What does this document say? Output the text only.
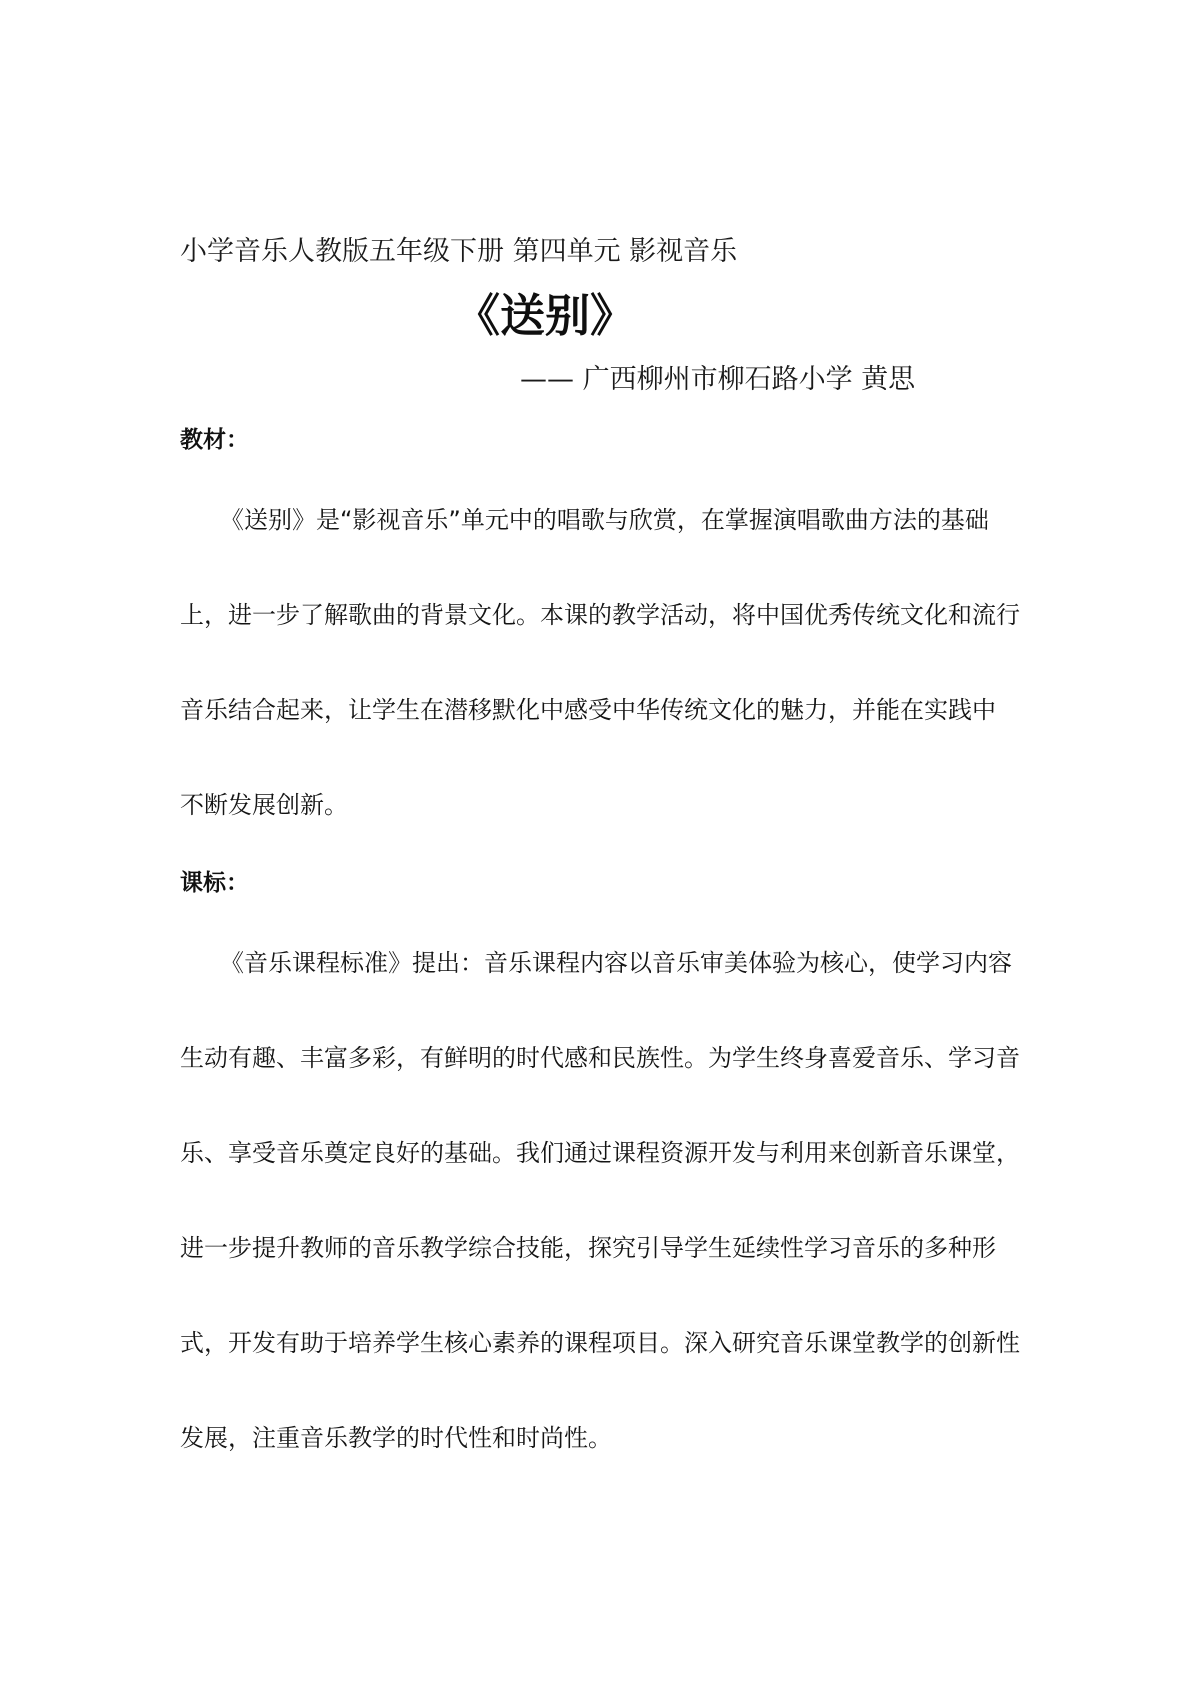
小学音乐人教版五年级下册 第四单元 影视音乐
《送别》
—— 广西柳州市柳石路小学 黄思
教材：
《送别》是“影视音乐”单元中的唱歌与欣赏，在掌握演唱歌曲方法的基础
上，进一步了解歌曲的背景文化。本课的教学活动，将中国优秀传统文化和流行
音乐结合起来，让学生在潜移默化中感受中华传统文化的魅力，并能在实践中
不断发展创新。
课标：
《音乐课程标准》提出：音乐课程内容以音乐审美体验为核心，使学习内容
生动有趣、丰富多彩，有鲜明的时代感和民族性。为学生终身喜爱音乐、学习音
乐、享受音乐奠定良好的基础。我们通过课程资源开发与利用来创新音乐课堂，
进一步提升教师的音乐教学综合技能，探究引导学生延续性学习音乐的多种形
式，开发有助于培养学生核心素养的课程项目。深入研究音乐课堂教学的创新性
发展，注重音乐教学的时代性和时尚性。
